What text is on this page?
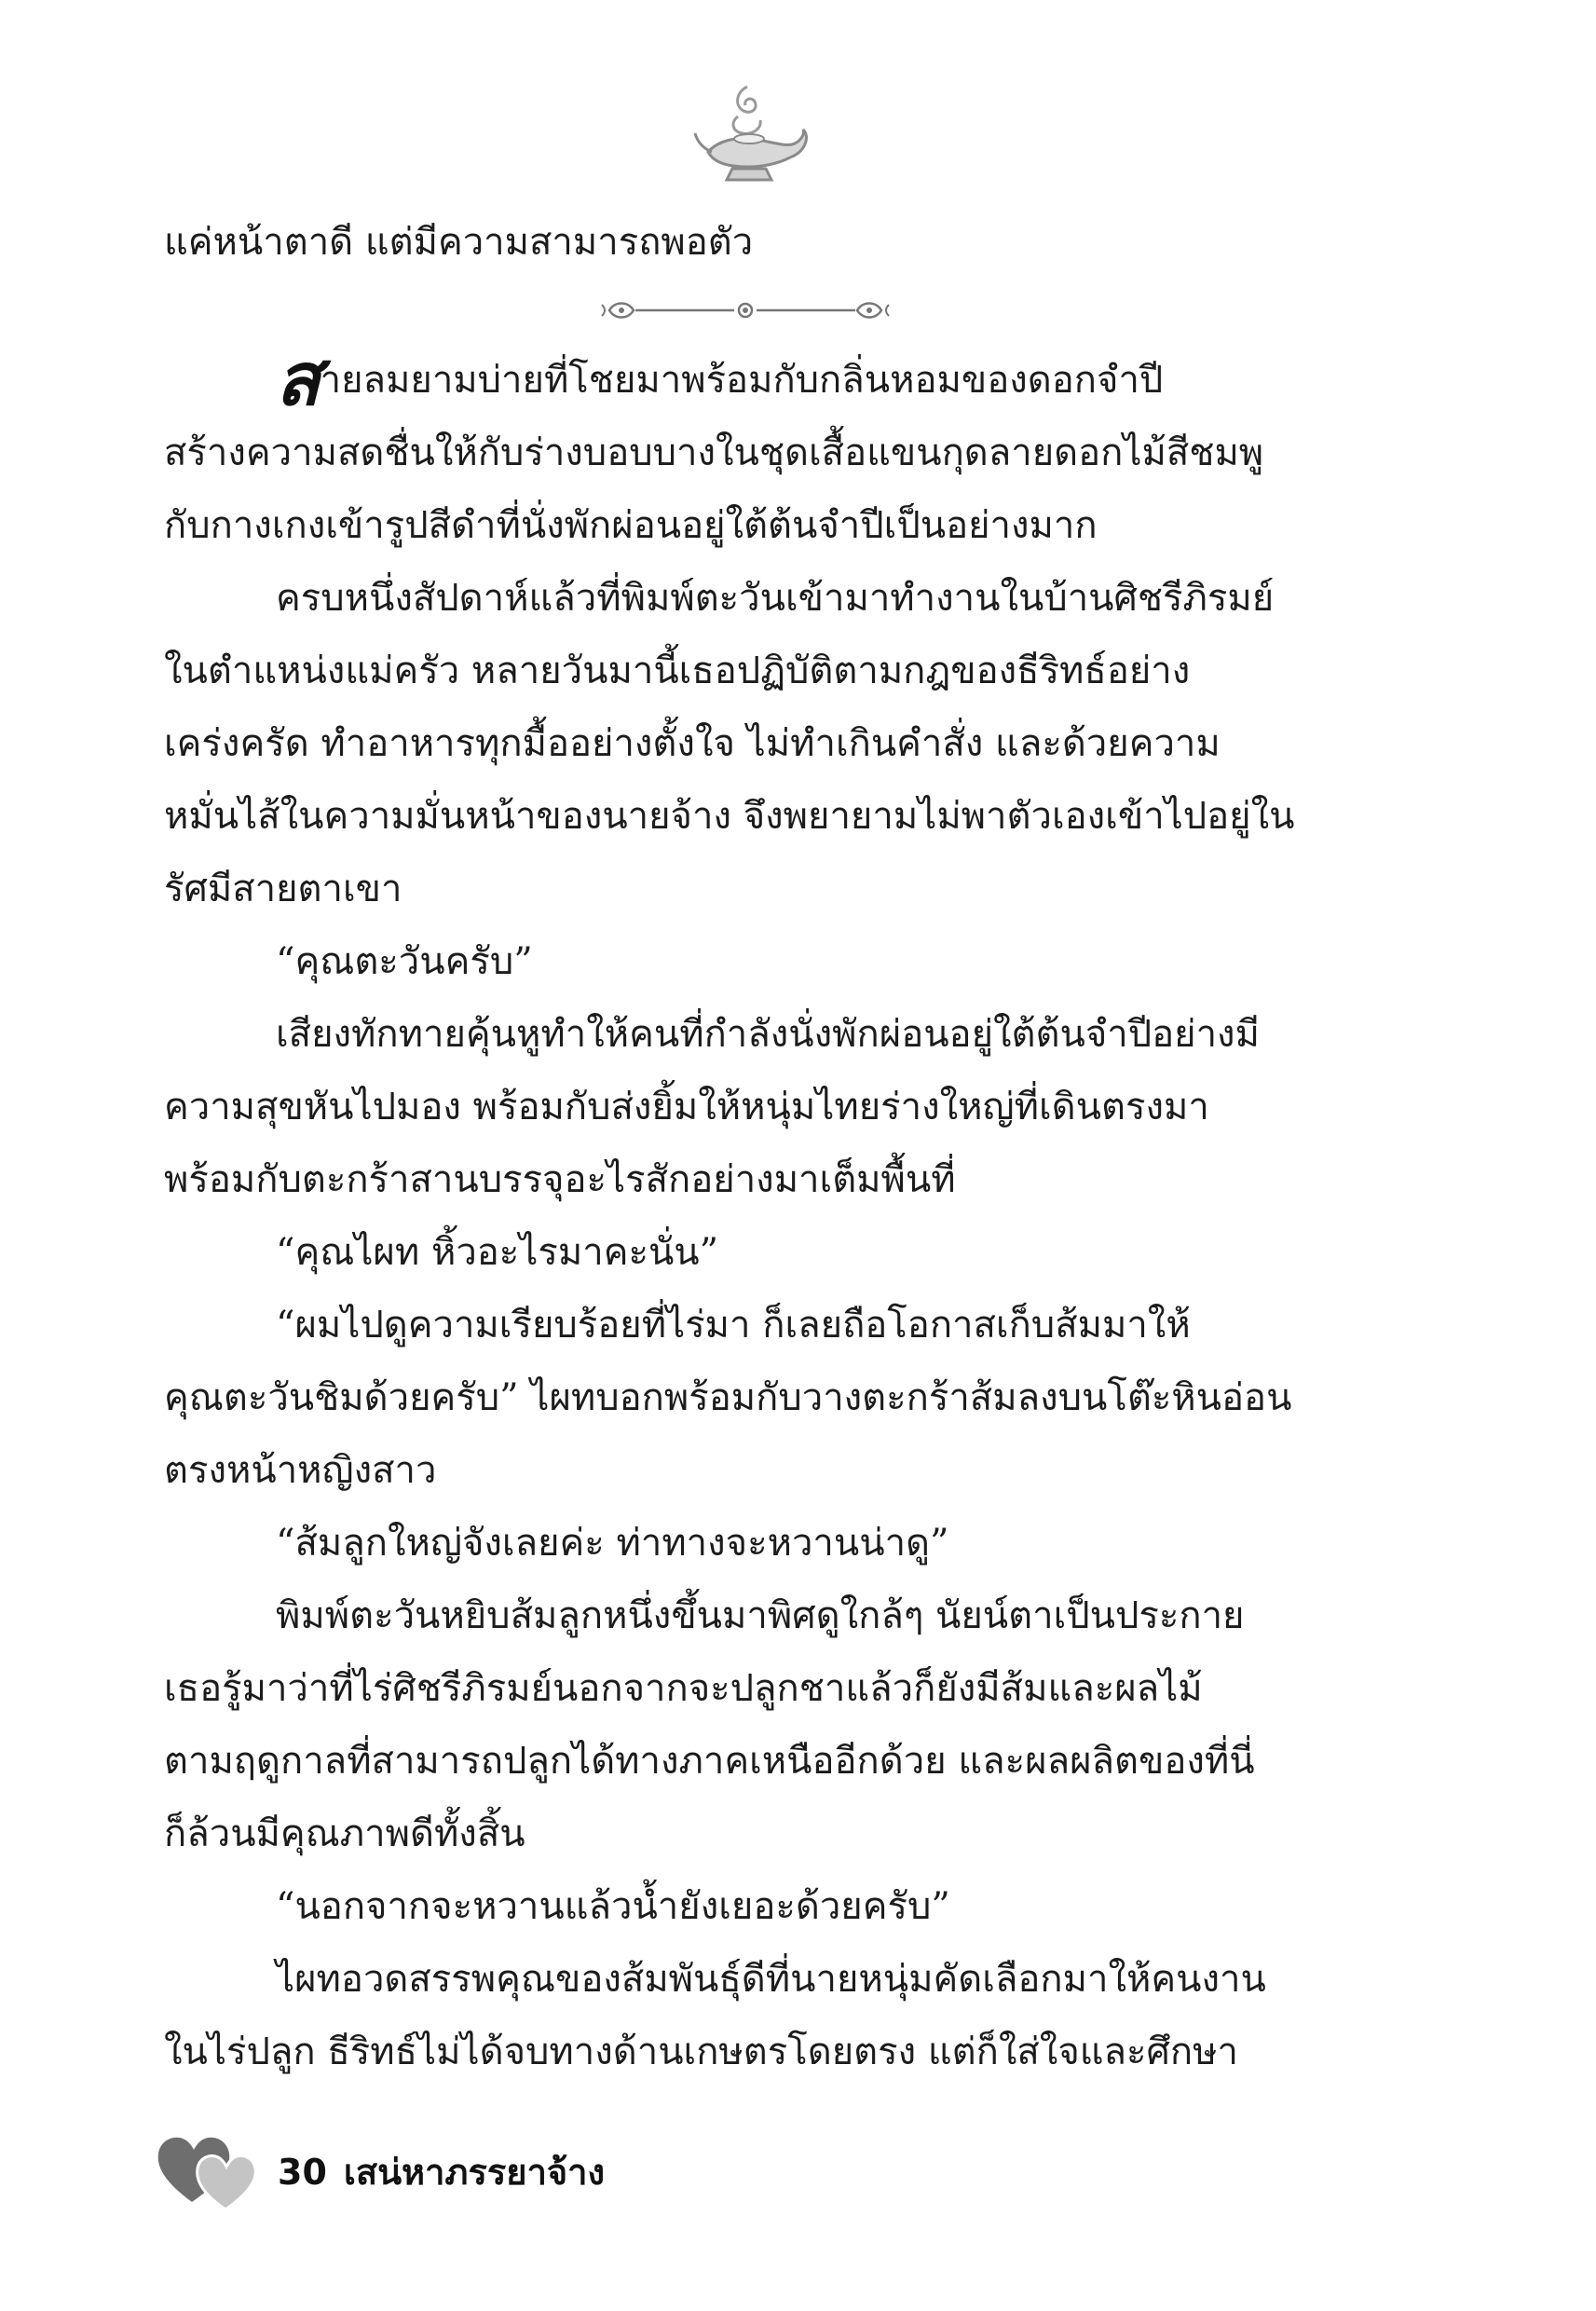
แค่หน้าตาดี แต่มีความสามารถพอตัว
สายลมยามบ่ายที่โชยมาพร้อมกับกลิ่นหอมของดอกจำปี
สร้างความสดชื่นให้กับร่างบอบบางในชุดเสื้อแขนกุดลายดอกไม้สีชมพู
กับกางเกงเข้ารูปสีดำที่นั่งพักผ่อนอยู่ใต้ต้นจำปีเป็นอย่างมาก
ครบหนึ่งสัปดาห์แล้วที่พิมพ์ตะวันเข้ามาทำงานในบ้านศิชรีภิรมย์
ในตำแหน่งแม่ครัว หลายวันมานี้เธอปฏิบัติตามกฎของธีริทธ์อย่าง
เคร่งครัด ทำอาหารทุกมื้ออย่างตั้งใจ ไม่ทำเกินคำสั่ง และด้วยความ
หมั่นไส้ในความมั่นหน้าของนายจ้าง จึงพยายามไม่พาตัวเองเข้าไปอยู่ใน
รัศมีสายตาเขา
“คุณตะวันครับ”
เสียงทักทายคุ้นหูทำให้คนที่กำลังนั่งพักผ่อนอยู่ใต้ต้นจำปีอย่างมี
ความสุขหันไปมอง พร้อมกับส่งยิ้มให้หนุ่มไทยร่างใหญ่ที่เดินตรงมา
พร้อมกับตะกร้าสานบรรจุอะไรสักอย่างมาเต็มพื้นที่
“คุณไผท หิ้วอะไรมาคะนั่น”
“ผมไปดูความเรียบร้อยที่ไร่มา ก็เลยถือโอกาสเก็บส้มมาให้
คุณตะวันชิมด้วยครับ” ไผทบอกพร้อมกับวางตะกร้าส้มลงบนโต๊ะหินอ่อน
ตรงหน้าหญิงสาว
“ส้มลูกใหญ่จังเลยค่ะ ท่าทางจะหวานน่าดู”
พิมพ์ตะวันหยิบส้มลูกหนึ่งขึ้นมาพิศดูใกล้ๆ นัยน์ตาเป็นประกาย
เธอรู้มาว่าที่ไร่ศิชรีภิรมย์นอกจากจะปลูกชาแล้วก็ยังมีส้มและผลไม้
ตามฤดูกาลที่สามารถปลูกได้ทางภาคเหนืออีกด้วย และผลผลิตของที่นี่
ก็ล้วนมีคุณภาพดีทั้งสิ้น
“นอกจากจะหวานแล้วน้ำยังเยอะด้วยครับ”
ไผทอวดสรรพคุณของส้มพันธุ์ดีที่นายหนุ่มคัดเลือกมาให้คนงาน
ในไร่ปลูก ธีริทธ์ไม่ได้จบทางด้านเกษตรโดยตรง แต่ก็ใส่ใจและศึกษา
30 เสน่หาภรรยาจ้าง
